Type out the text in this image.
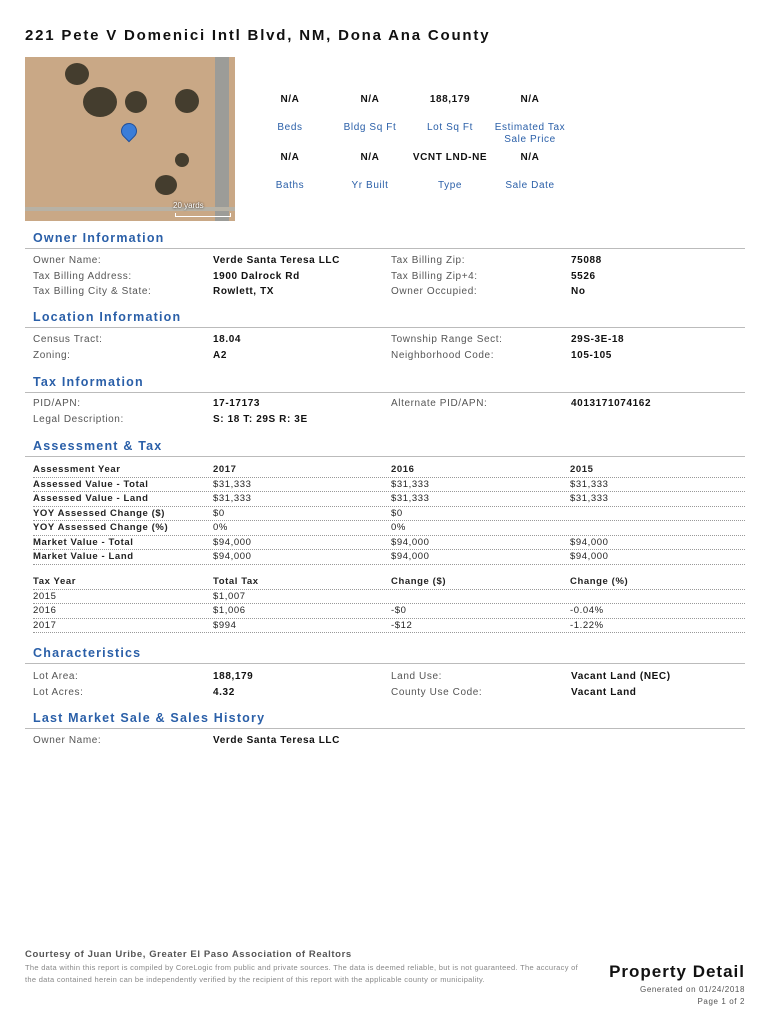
221 Pete V Domenici Intl Blvd, NM, Dona Ana County
20 yards
N/A
Beds
N/A
Bldg Sq Ft
188,179
Lot Sq Ft
N/A
Estimated Tax Sale Price
N/A
Baths
N/A
Yr Built
VCNT LND-NE
Type
N/A
Sale Date
Owner Information
Owner Name:	Verde Santa Teresa LLC
Tax Billing Address:	1900 Dalrock Rd
Tax Billing City & State:	Rowlett, TX
Tax Billing Zip:	75088
Tax Billing Zip+4:	5526
Owner Occupied:	No
Location Information
Census Tract:	18.04
Zoning:	A2
Township Range Sect:	29S-3E-18
Neighborhood Code:	105-105
Tax Information
PID/APN:	17-17173
Legal Description:	S: 18 T: 29S R: 3E
Alternate PID/APN:	4013171074162
Assessment & Tax
Assessment Year	2017	2016	2015
Assessed Value - Total	$31,333	$31,333	$31,333
Assessed Value - Land	$31,333	$31,333	$31,333
YOY Assessed Change ($)	$0	$0
YOY Assessed Change (%)	0%	0%
Market Value - Total	$94,000	$94,000	$94,000
Market Value - Land	$94,000	$94,000	$94,000
Tax Year	Total Tax	Change ($)	Change (%)
2015	$1,007
2016	$1,006	-$0	-0.04%
2017	$994	-$12	-1.22%
Characteristics
Lot Area:	188,179
Lot Acres:	4.32
Land Use:	Vacant Land (NEC)
County Use Code:	Vacant Land
Last Market Sale & Sales History
Owner Name:	Verde Santa Teresa LLC
Courtesy of Juan Uribe, Greater El Paso Association of Realtors
The data within this report is compiled by CoreLogic from public and private sources. The data is deemed reliable, but is not guaranteed. The accuracy of the data contained herein can be independently verified by the recipient of this report with the applicable county or municipality.	Property Detail
Generated on 01/24/2018
Page 1 of 2
